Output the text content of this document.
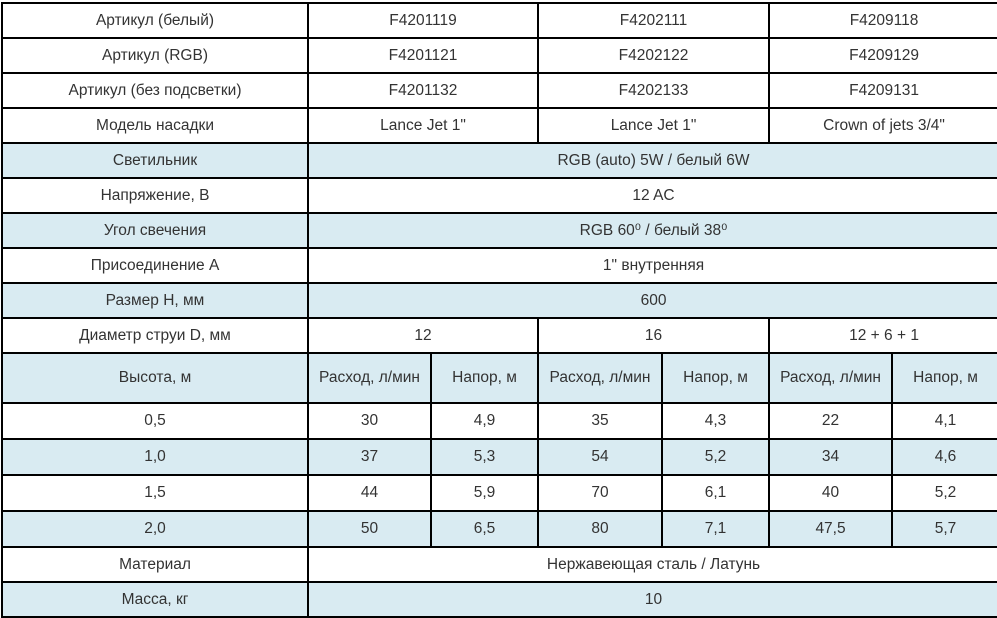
Артикул (белый)	F4201119		F4202111		F4209118	
Артикул (RGB)	F4201121		F4202122		F4209129	
Артикул (без подсветки)	F4201132		F4202133		F4209131	
Модель насадки	Lance Jet 1"		Lance Jet 1"		Crown of jets 3/4"	
Светильник	RGB (auto) 5W / белый 6W					
Напряжение, В	12 AC					
Угол свечения	RGB 60⁰ / белый 38⁰					
Присоединение A	1" внутренняя					
Размер H, мм	600					
Диаметр струи D, мм	12		16		12 + 6 + 1	
Высота, м	Расход, л/мин	Напор, м	Расход, л/мин	Напор, м	Расход, л/мин	Напор, м
0,5	30	4,9	35	4,3	22	4,1
1,0	37	5,3	54	5,2	34	4,6
1,5	44	5,9	70	6,1	40	5,2
2,0	50	6,5	80	7,1	47,5	5,7
Материал	Нержавеющая сталь / Латунь					
Масса, кг	10					
